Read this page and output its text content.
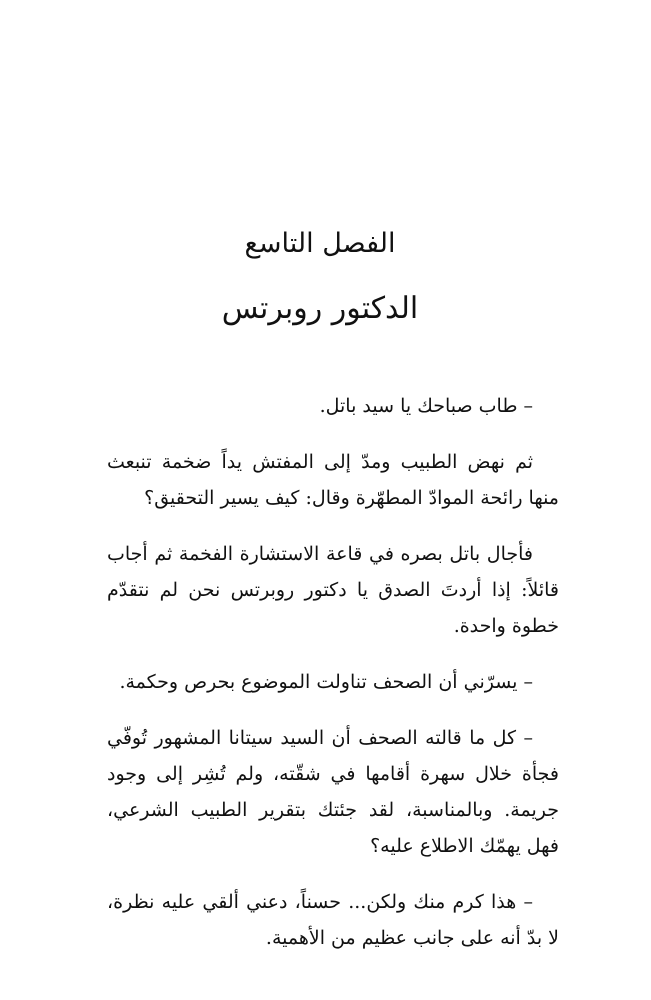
الفصل التاسع
الدكتور روبرتس

– طاب صباحك يا سيد باتل.

ثم نهض الطبيب ومدّ إلى المفتش يداً ضخمة تنبعث منها رائحة الموادّ المطهّرة وقال: كيف يسير التحقيق؟

فأجال باتل بصره في قاعة الاستشارة الفخمة ثم أجاب قائلاً: إذا أردتَ الصدق يا دكتور روبرتس نحن لم نتقدّم خطوة واحدة.

– يسرّني أن الصحف تناولت الموضوع بحرص وحكمة.

– كل ما قالته الصحف أن السيد سيتانا المشهور تُوفّي فجأة خلال سهرة أقامها في شقّته، ولم تُشِر إلى وجود جريمة. وبالمناسبة، لقد جئتك بتقرير الطبيب الشرعي، فهل يهمّك الاطلاع عليه؟

– هذا كرم منك ولكن... حسناً، دعني ألقي عليه نظرة، لا بدّ أنه على جانب عظيم من الأهمية.
